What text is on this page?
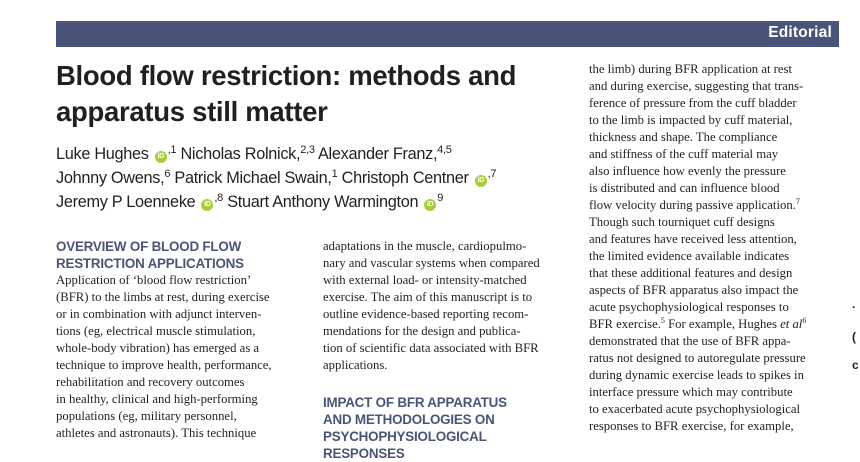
Editorial
Blood flow restriction: methods and
apparatus still matter
Luke Hughes $iD^{,1}$ Nicholas Rolnick,$^{2,3}$ Alexander Franz,$^{4,5}$
Johnny Owens,$^6$ Patrick Michael Swain,$^1$ Christoph Centner $iD^{,7}$
Jeremy P Loenneke $iD^{,8}$ Stuart Anthony Warmington $iD^9$
OVERVIEW OF BLOOD FLOW
RESTRICTION APPLICATIONS
Application of ‘blood flow restriction’
(BFR) to the limbs at rest, during exercise
or in combination with adjunct interven-
tions (eg, electrical muscle stimulation,
whole-body vibration) has emerged as a
technique to improve health, performance,
rehabilitation and recovery outcomes
in healthy, clinical and high-performing
populations (eg, military personnel,
athletes and astronauts). This technique
adaptations in the muscle, cardiopulmo-
nary and vascular systems when compared
with external load- or intensity-matched
exercise. The aim of this manuscript is to
outline evidence-based reporting recom-
mendations for the design and publica-
tion of scientific data associated with BFR
applications.
IMPACT OF BFR APPARATUS
AND METHODOLOGIES ON
PSYCHOPHYSIOLOGICAL RESPONSES
the limb) during BFR application at rest
and during exercise, suggesting that trans-
ference of pressure from the cuff bladder
to the limb is impacted by cuff material,
thickness and shape. The compliance
and stiffness of the cuff material may
also influence how evenly the pressure
is distributed and can influence blood
flow velocity during passive application.$^7$
Though such tourniquet cuff designs
and features have received less attention,
the limited evidence available indicates
that these additional features and design
aspects of BFR apparatus also impact the
acute psychophysiological responses to
BFR exercise.$^5$ For example, Hughes et $al^6$
demonstrated that the use of BFR appa-
ratus not designed to autoregulate pressure
during dynamic exercise leads to spikes in
interface pressure which may contribute
to exacerbated acute psychophysiological
responses to BFR exercise, for example,
·
(
c
